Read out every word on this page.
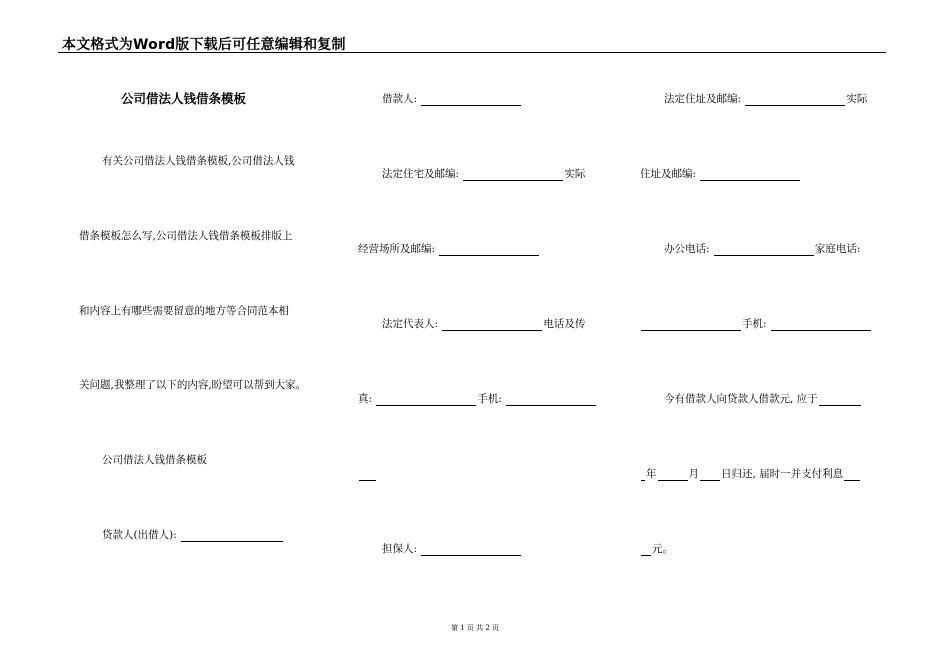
本文格式为Word版下载后可任意编辑和复制
公司借法人钱借条模板
有关公司借法人钱借条模板,公司借法人钱
借条模板怎么写,公司借法人钱借条模板排版上
和内容上有哪些需要留意的地方等合同范本相
关问题,我整理了以下的内容,盼望可以帮到大家。
公司借法人钱借条模板
贷款人(出借人):
借款人:
法定住宅及邮编:	实际
经营场所及邮编:
法定代表人:	电话及传
真:	手机:
担保人:
法定住址及邮编:	实际
住址及邮编:
办公电话:	家庭电话:
手机:
今有借款人向贷款人借款元, 应于
年	月 日归还, 届时一并支付利息
元。
第 1 页 共 2 页
